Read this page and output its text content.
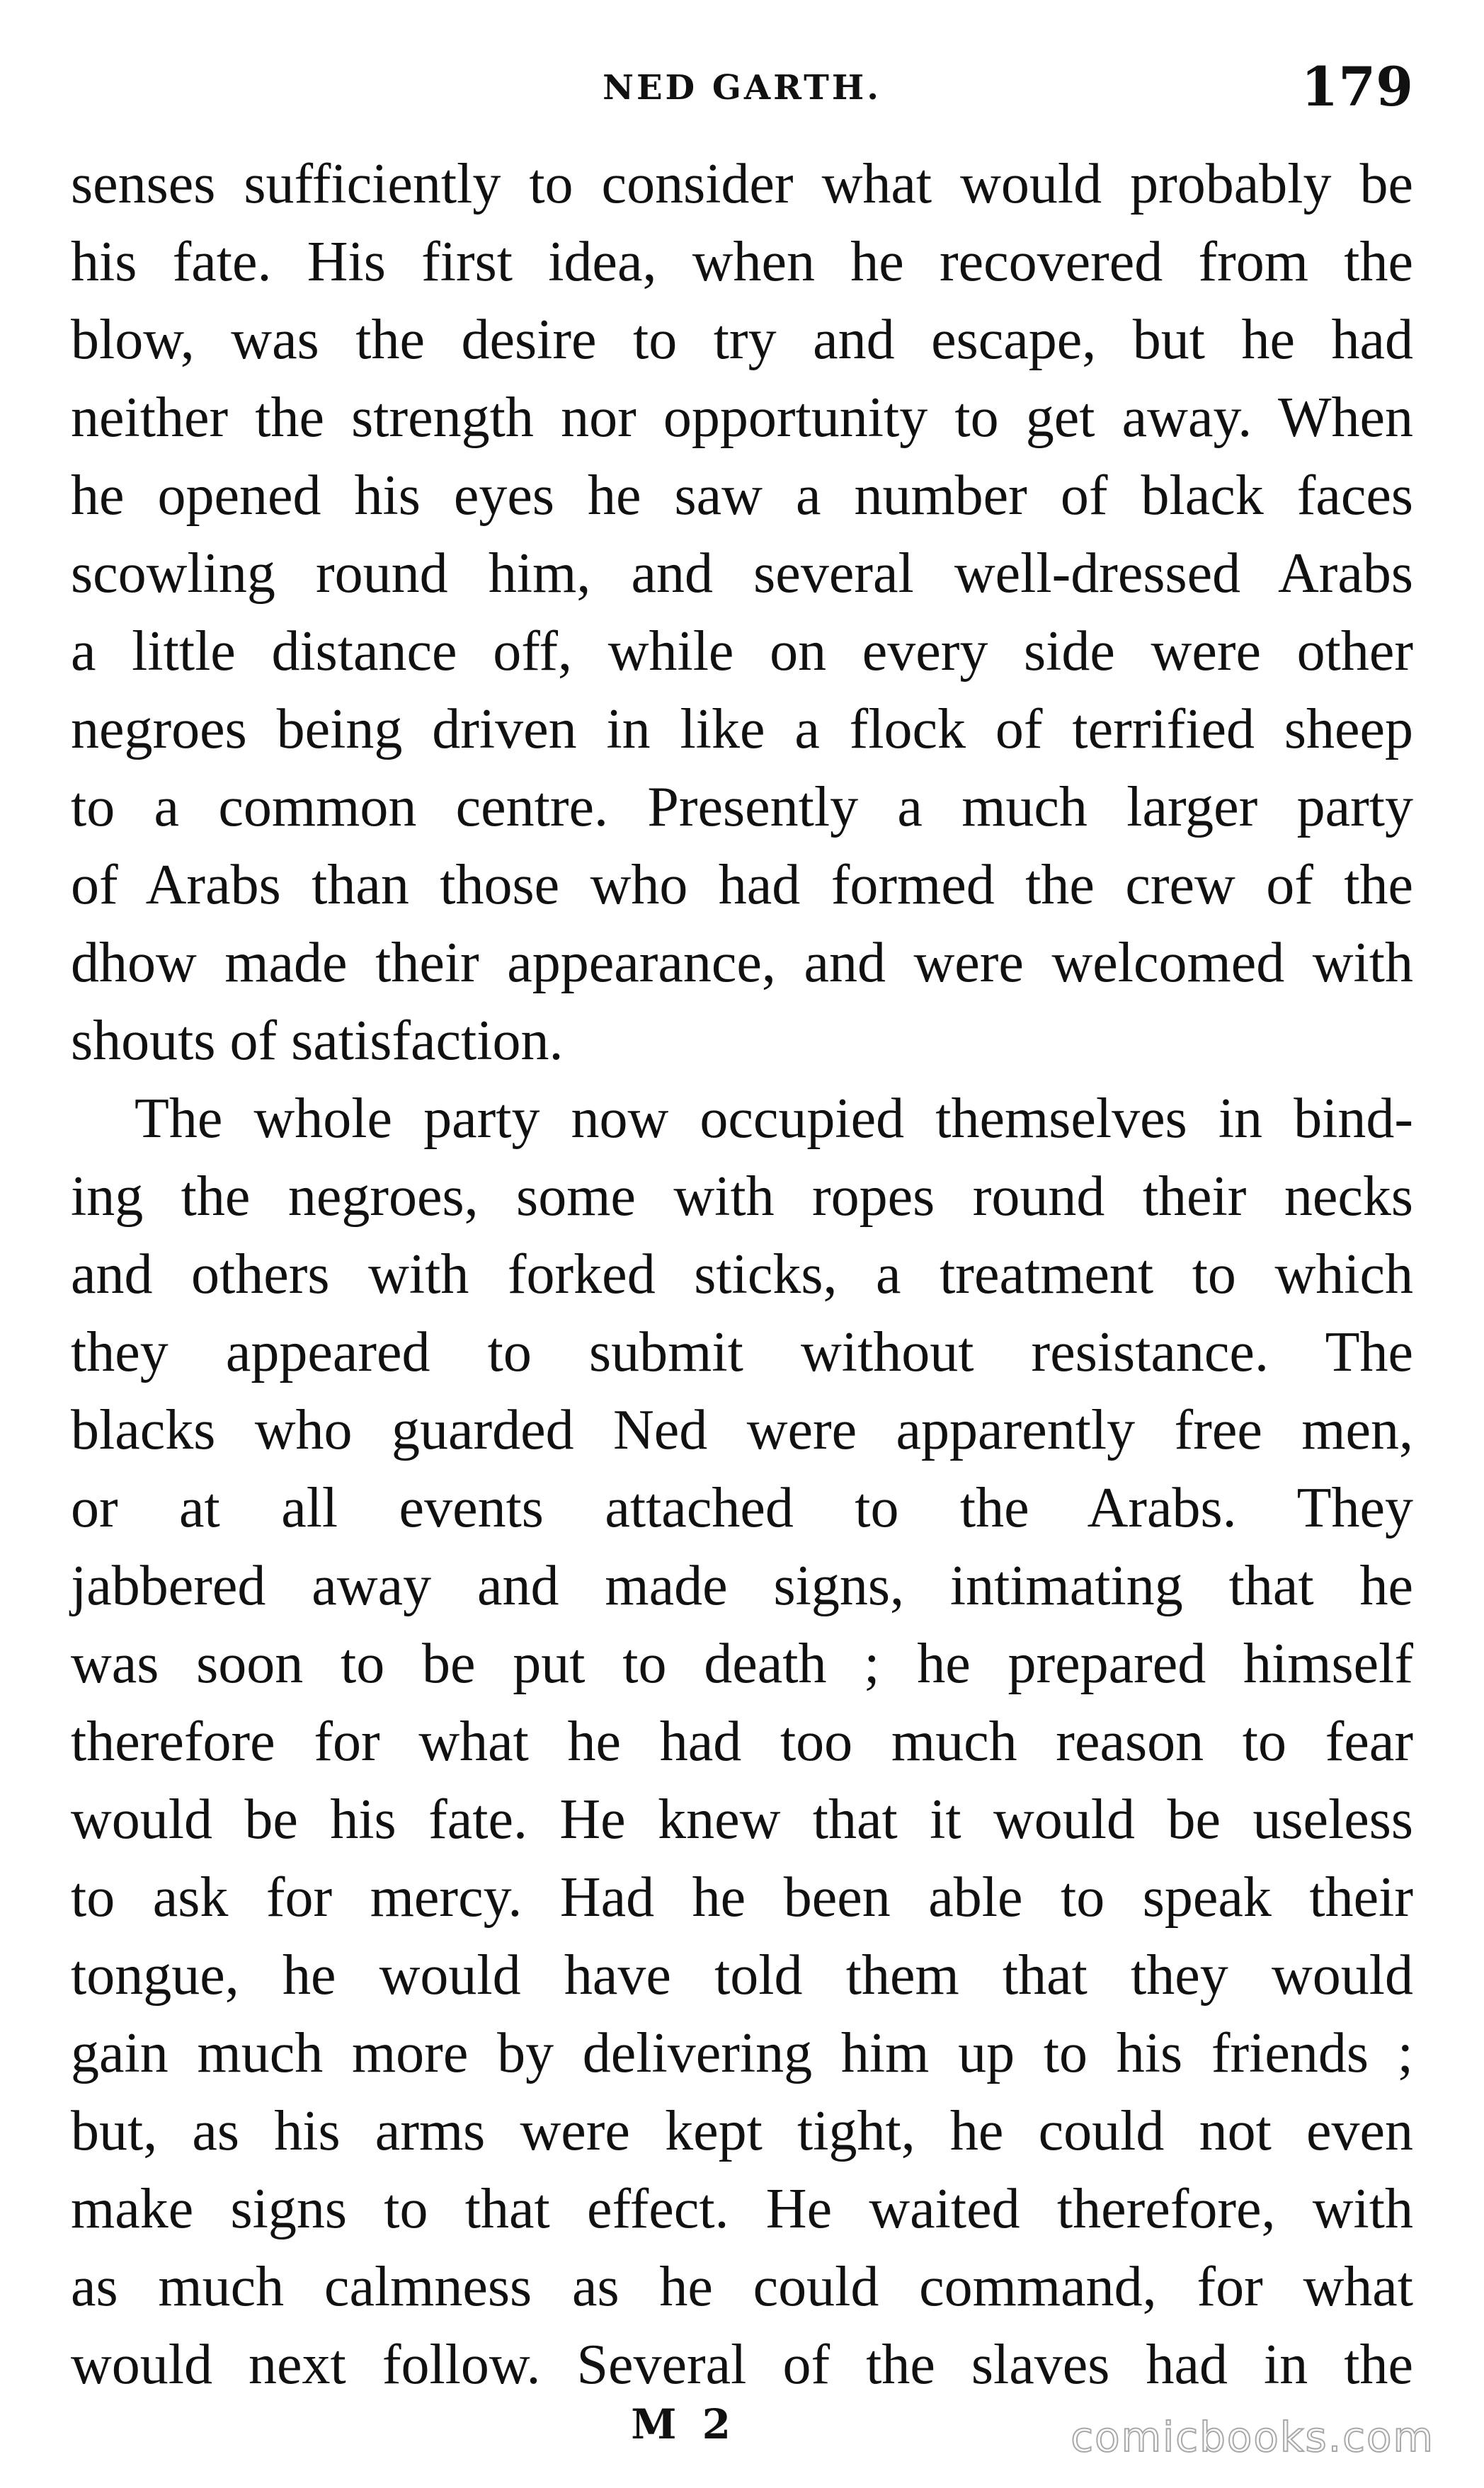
NED GARTH.	179
senses sufficiently to consider what would probably be
his fate. His first idea, when he recovered from the
blow, was the desire to try and escape, but he had
neither the strength nor opportunity to get away. When
he opened his eyes he saw a number of black faces
scowling round him, and several well-dressed Arabs
a little distance off, while on every side were other
negroes being driven in like a flock of terrified sheep
to a common centre. Presently a much larger party
of Arabs than those who had formed the crew of the
dhow made their appearance, and were welcomed with
shouts of satisfaction.
The whole party now occupied themselves in bind-
ing the negroes, some with ropes round their necks
and others with forked sticks, a treatment to which
they appeared to submit without resistance. The
blacks who guarded Ned were apparently free men,
or at all events attached to the Arabs. They
jabbered away and made signs, intimating that he
was soon to be put to death ; he prepared himself
therefore for what he had too much reason to fear
would be his fate. He knew that it would be useless
to ask for mercy. Had he been able to speak their
tongue, he would have told them that they would
gain much more by delivering him up to his friends ;
but, as his arms were kept tight, he could not even
make signs to that effect. He waited therefore, with
as much calmness as he could command, for what
would next follow. Several of the slaves had in the
M 2	comicbooks.com
